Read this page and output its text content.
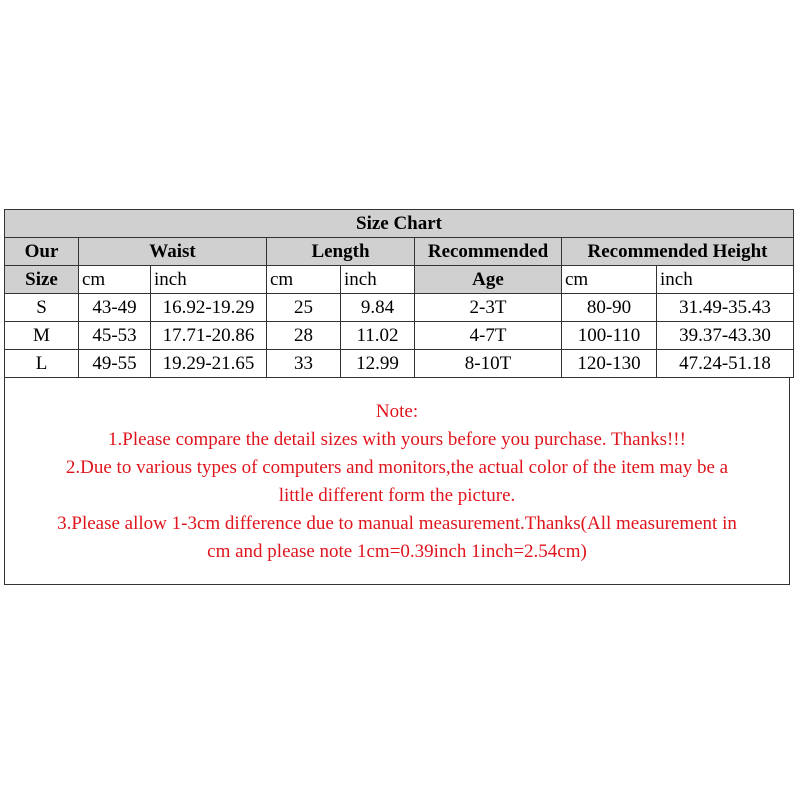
Size Chart							
Our	Waist		Length		Recommended	Recommended Height	
Size	cm	inch	cm	inch	Age	cm	inch
S	43-49	16.92-19.29	25	9.84	2-3T	80-90	31.49-35.43
M	45-53	17.71-20.86	28	11.02	4-7T	100-110	39.37-43.30
L	49-55	19.29-21.65	33	12.99	8-10T	120-130	47.24-51.18
Note:
1.Please compare the detail sizes with yours before you purchase. Thanks!!!
2.Due to various types of computers and monitors,the actual color of the item may be a
little different form the picture.
3.Please allow 1-3cm difference due to manual measurement.Thanks(All measurement in
cm and please note 1cm=0.39inch 1inch=2.54cm)
